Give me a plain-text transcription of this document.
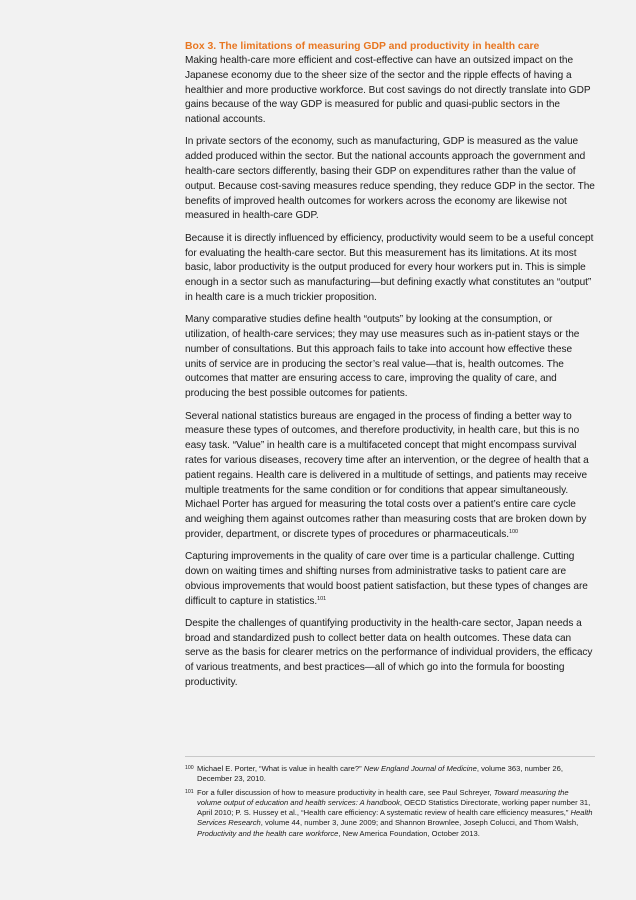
Box 3. The limitations of measuring GDP and productivity in health care

Making health-care more efficient and cost-effective can have an outsized impact on the Japanese economy due to the sheer size of the sector and the ripple effects of having a healthier and more productive workforce. But cost savings do not directly translate into GDP gains because of the way GDP is measured for public and quasi-public sectors in the national accounts.

In private sectors of the economy, such as manufacturing, GDP is measured as the value added produced within the sector. But the national accounts approach the government and health-care sectors differently, basing their GDP on expenditures rather than the value of output. Because cost-saving measures reduce spending, they reduce GDP in the sector. The benefits of improved health outcomes for workers across the economy are likewise not measured in health-care GDP.

Because it is directly influenced by efficiency, productivity would seem to be a useful concept for evaluating the health-care sector. But this measurement has its limitations. At its most basic, labor productivity is the output produced for every hour workers put in. This is simple enough in a sector such as manufacturing—but defining exactly what constitutes an “output” in health care is a much trickier proposition.

Many comparative studies define health “outputs” by looking at the consumption, or utilization, of health-care services; they may use measures such as in-patient stays or the number of consultations. But this approach fails to take into account how effective these units of service are in producing the sector’s real value—that is, health outcomes. The outcomes that matter are ensuring access to care, improving the quality of care, and producing the best possible outcomes for patients.

Several national statistics bureaus are engaged in the process of finding a better way to measure these types of outcomes, and therefore productivity, in health care, but this is no easy task. “Value” in health care is a multifaceted concept that might encompass survival rates for various diseases, recovery time after an intervention, or the degree of health that a patient regains. Health care is delivered in a multitude of settings, and patients may receive multiple treatments for the same condition or for conditions that appear simultaneously. Michael Porter has argued for measuring the total costs over a patient’s entire care cycle and weighing them against outcomes rather than measuring costs that are broken down by provider, department, or discrete types of procedures or pharmaceuticals.$^{100}$

Capturing improvements in the quality of care over time is a particular challenge. Cutting down on waiting times and shifting nurses from administrative tasks to patient care are obvious improvements that would boost patient satisfaction, but these types of changes are difficult to capture in statistics.$^{101}$

Despite the challenges of quantifying productivity in the health-care sector, Japan needs a broad and standardized push to collect better data on health outcomes. These data can serve as the basis for clearer metrics on the performance of individual providers, the efficacy of various treatments, and best practices—all of which go into the formula for boosting productivity.

100 Michael E. Porter, “What is value in health care?” New England Journal of Medicine, volume 363, number 26, December 23, 2010.

101 For a fuller discussion of how to measure productivity in health care, see Paul Schreyer, Toward measuring the volume output of education and health services: A handbook, OECD Statistics Directorate, working paper number 31, April 2010; P. S. Hussey et al., “Health care efficiency: A systematic review of health care efficiency measures,” Health Services Research, volume 44, number 3, June 2009; and Shannon Brownlee, Joseph Colucci, and Thom Walsh, Productivity and the health care workforce, New America Foundation, October 2013.
